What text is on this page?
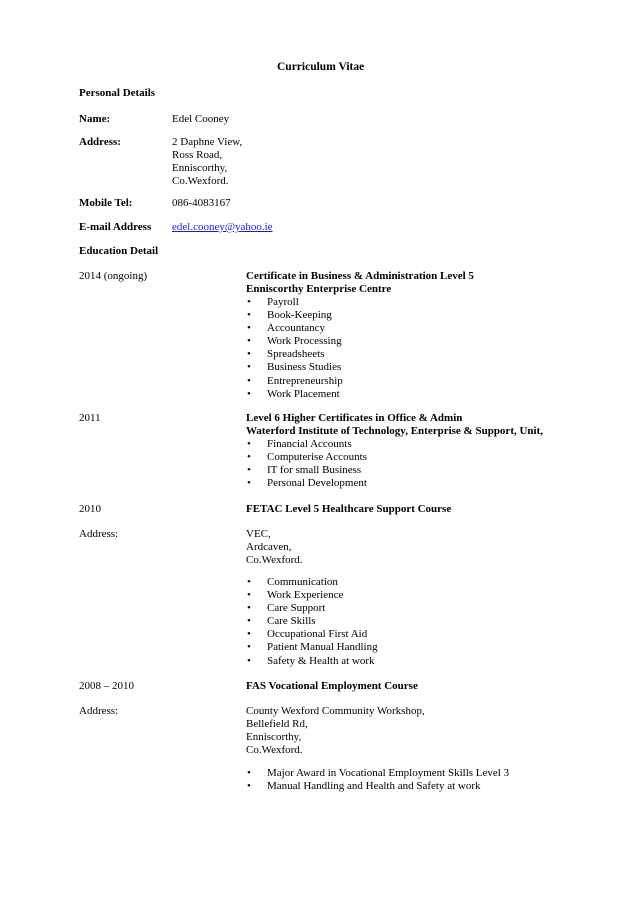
Curriculum Vitae
Personal Details
Name:	Edel Cooney
Address:	2 Daphne View,
Ross Road,
Enniscorthy,
Co.Wexford.
Mobile Tel:	086-4083167
E-mail Address edel.cooney@yahoo.ie
Education Detail
2014 (ongoing)	Certificate in Business & Administration Level 5
Enniscorthy Enterprise Centre
• Payroll
• Book-Keeping
• Accountancy
• Work Processing
• Spreadsheets
• Business Studies
• Entrepreneurship
• Work Placement
2011	Level 6 Higher Certificates in Office & Admin
Waterford Institute of Technology, Enterprise & Support, Unit,
• Financial Accounts
• Computerise Accounts
• IT for small Business
• Personal Development
2010	FETAC Level 5 Healthcare Support Course
Address:	VEC,
Ardcaven,
Co.Wexford.
• Communication
• Work Experience
• Care Support
• Care Skills
• Occupational First Aid
• Patient Manual Handling
• Safety & Health at work
2008 – 2010	FAS Vocational Employment Course
Address:	County Wexford Community Workshop,
Bellefield Rd,
Enniscorthy,
Co.Wexford.
• Major Award in Vocational Employment Skills Level 3
• Manual Handling and Health and Safety at work
